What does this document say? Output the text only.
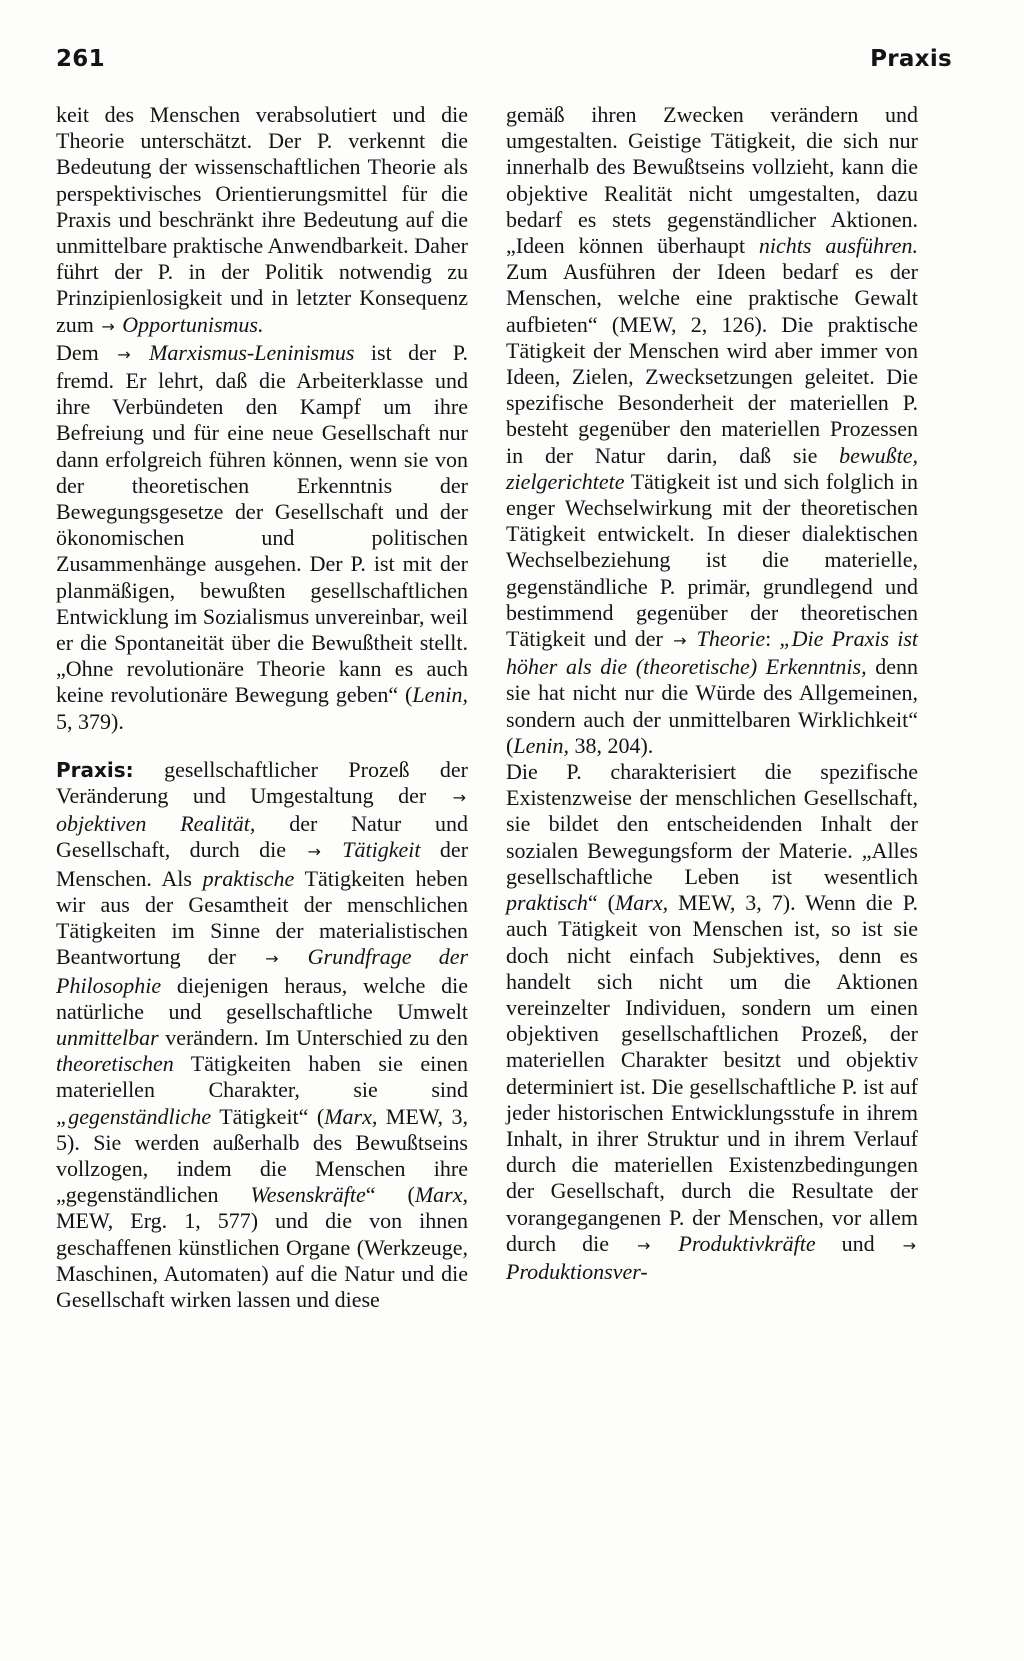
261	Praxis

keit des Menschen verabsolutiert und die Theorie unterschätzt. Der P. verkennt die Bedeutung der wissenschaftlichen Theorie als perspektivisches Orientierungsmittel für die Praxis und beschränkt ihre Bedeutung auf die unmittelbare praktische Anwendbarkeit. Daher führt der P. in der Politik notwendig zu Prinzipienlosigkeit und in letzter Konsequenz zum → Opportunismus.

Dem → Marxismus-Leninismus ist der P. fremd. Er lehrt, daß die Arbeiterklasse und ihre Verbündeten den Kampf um ihre Befreiung und für eine neue Gesellschaft nur dann erfolgreich führen können, wenn sie von der theoretischen Erkenntnis der Bewegungsgesetze der Gesellschaft und der ökonomischen und politischen Zusammenhänge ausgehen. Der P. ist mit der planmäßigen, bewußten gesellschaftlichen Entwicklung im Sozialismus unvereinbar, weil er die Spontaneität über die Bewußtheit stellt. „Ohne revolutionäre Theorie kann es auch keine revolutionäre Bewegung geben“ (Lenin, 5, 379).

Praxis: gesellschaftlicher Prozeß der Veränderung und Umgestaltung der → objektiven Realität, der Natur und Gesellschaft, durch die → Tätigkeit der Menschen. Als praktische Tätigkeiten heben wir aus der Gesamtheit der menschlichen Tätigkeiten im Sinne der materialistischen Beantwortung der → Grundfrage der Philosophie diejenigen heraus, welche die natürliche und gesellschaftliche Umwelt unmittelbar verändern. Im Unterschied zu den theoretischen Tätigkeiten haben sie einen materiellen Charakter, sie sind „gegenständliche Tätigkeit“ (Marx, MEW, 3, 5). Sie werden außerhalb des Bewußtseins vollzogen, indem die Menschen ihre „gegenständlichen Wesenskräfte“ (Marx, MEW, Erg. 1, 577) und die von ihnen geschaffenen künstlichen Organe (Werkzeuge, Maschinen, Automaten) auf die Natur und die Gesellschaft wirken lassen und diese

gemäß ihren Zwecken verändern und umgestalten. Geistige Tätigkeit, die sich nur innerhalb des Bewußtseins vollzieht, kann die objektive Realität nicht umgestalten, dazu bedarf es stets gegenständlicher Aktionen. „Ideen können überhaupt nichts ausführen. Zum Ausführen der Ideen bedarf es der Menschen, welche eine praktische Gewalt aufbieten“ (MEW, 2, 126). Die praktische Tätigkeit der Menschen wird aber immer von Ideen, Zielen, Zwecksetzungen geleitet. Die spezifische Besonderheit der materiellen P. besteht gegenüber den materiellen Prozessen in der Natur darin, daß sie bewußte, zielgerichtete Tätigkeit ist und sich folglich in enger Wechselwirkung mit der theoretischen Tätigkeit entwickelt. In dieser dialektischen Wechselbeziehung ist die materielle, gegenständliche P. primär, grundlegend und bestimmend gegenüber der theoretischen Tätigkeit und der → Theorie: „Die Praxis ist höher als die (theoretische) Erkenntnis, denn sie hat nicht nur die Würde des Allgemeinen, sondern auch der unmittelbaren Wirklichkeit“ (Lenin, 38, 204).

Die P. charakterisiert die spezifische Existenzweise der menschlichen Gesellschaft, sie bildet den entscheidenden Inhalt der sozialen Bewegungsform der Materie. „Alles gesellschaftliche Leben ist wesentlich praktisch“ (Marx, MEW, 3, 7). Wenn die P. auch Tätigkeit von Menschen ist, so ist sie doch nicht einfach Subjektives, denn es handelt sich nicht um die Aktionen vereinzelter Individuen, sondern um einen objektiven gesellschaftlichen Prozeß, der materiellen Charakter besitzt und objektiv determiniert ist. Die gesellschaftliche P. ist auf jeder historischen Entwicklungsstufe in ihrem Inhalt, in ihrer Struktur und in ihrem Verlauf durch die materiellen Existenzbedingungen der Gesellschaft, durch die Resultate der vorangegangenen P. der Menschen, vor allem durch die → Produktivkräfte und → Produktionsver-
